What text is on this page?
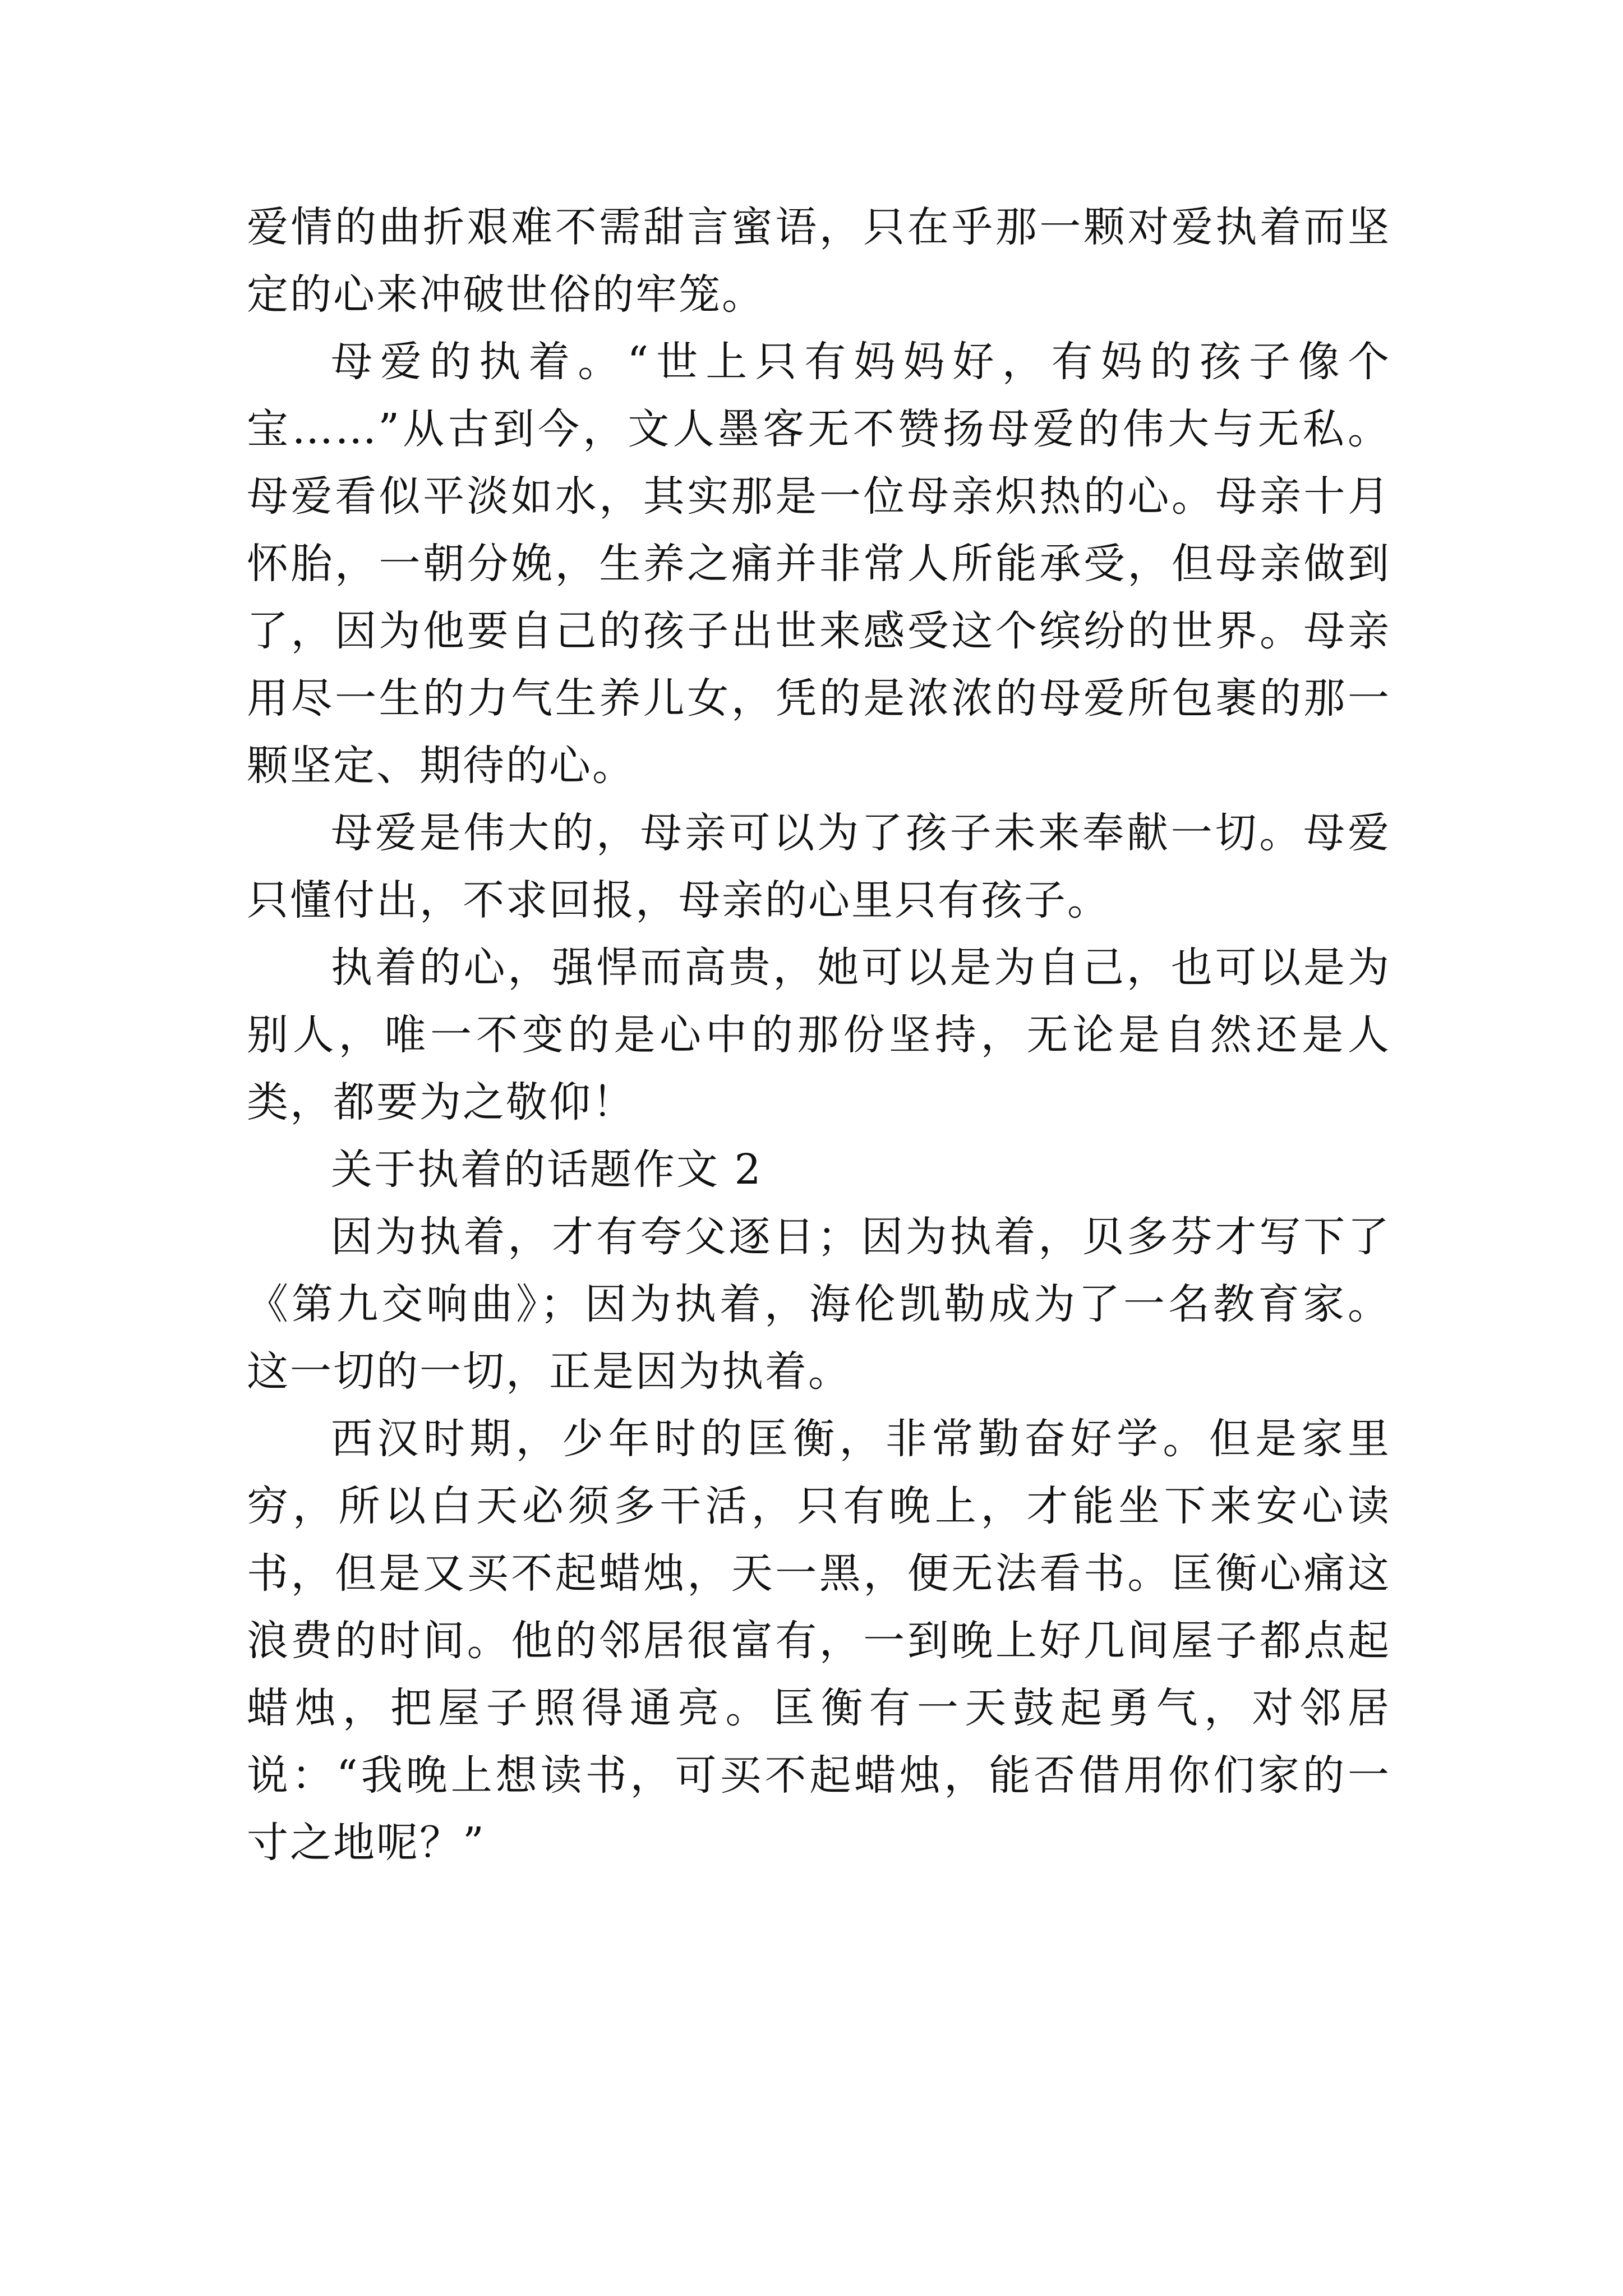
爱情的曲折艰难不需甜言蜜语，只在乎那一颗对爱执着而坚定的心来冲破世俗的牢笼。

母爱的执着。“世上只有妈妈好，有妈的孩子像个宝……”从古到今，文人墨客无不赞扬母爱的伟大与无私。母爱看似平淡如水，其实那是一位母亲炽热的心。母亲十月怀胎，一朝分娩，生养之痛并非常人所能承受，但母亲做到了，因为他要自己的孩子出世来感受这个缤纷的世界。母亲用尽一生的力气生养儿女，凭的是浓浓的母爱所包裹的那一颗坚定、期待的心。

母爱是伟大的，母亲可以为了孩子未来奉献一切。母爱只懂付出，不求回报，母亲的心里只有孩子。

执着的心，强悍而高贵，她可以是为自己，也可以是为别人，唯一不变的是心中的那份坚持，无论是自然还是人类，都要为之敬仰！

关于执着的话题作文 2

因为执着，才有夸父逐日；因为执着，贝多芬才写下了《第九交响曲》；因为执着，海伦凯勒成为了一名教育家。这一切的一切，正是因为执着。

西汉时期，少年时的匡衡，非常勤奋好学。但是家里穷，所以白天必须多干活，只有晚上，才能坐下来安心读书，但是又买不起蜡烛，天一黑，便无法看书。匡衡心痛这浪费的时间。他的邻居很富有，一到晚上好几间屋子都点起蜡烛，把屋子照得通亮。匡衡有一天鼓起勇气，对邻居说：“我晚上想读书，可买不起蜡烛，能否借用你们家的一寸之地呢？”
